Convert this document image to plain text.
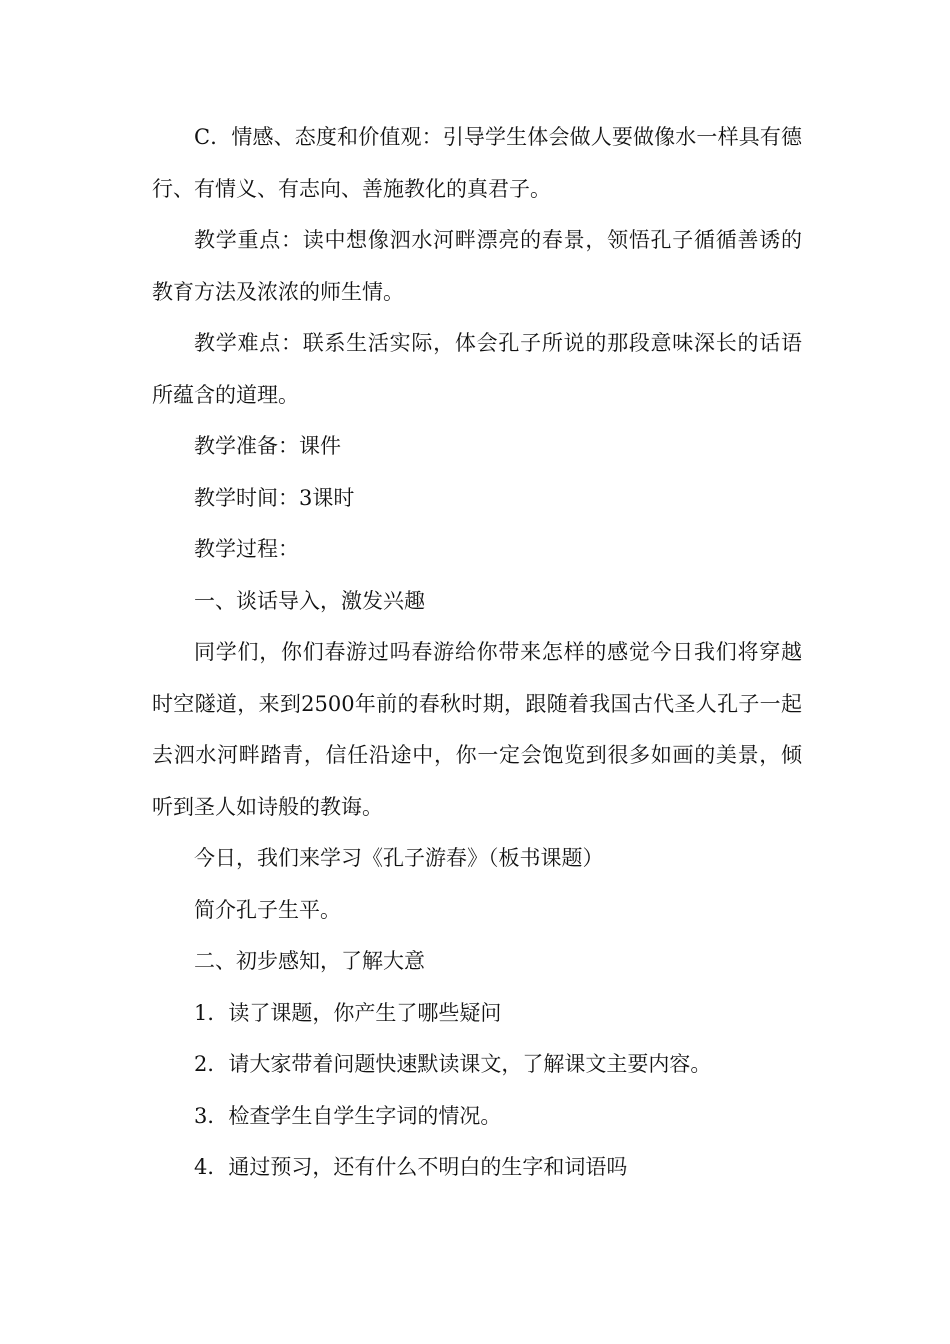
C．情感、态度和价值观：引导学生体会做人要做像水一样具有德行、有情义、有志向、善施教化的真君子。

教学重点：读中想像泗水河畔漂亮的春景，领悟孔子循循善诱的教育方法及浓浓的师生情。

教学难点：联系生活实际，体会孔子所说的那段意味深长的话语所蕴含的道理。

教学准备：课件

教学时间：3课时

教学过程：

一、谈话导入，激发兴趣

同学们，你们春游过吗春游给你带来怎样的感觉今日我们将穿越时空隧道，来到2500年前的春秋时期，跟随着我国古代圣人孔子一起去泗水河畔踏青，信任沿途中，你一定会饱览到很多如画的美景，倾听到圣人如诗般的教诲。

今日，我们来学习《孔子游春》（板书课题）

简介孔子生平。

二、初步感知，了解大意

1．读了课题，你产生了哪些疑问

2．请大家带着问题快速默读课文，了解课文主要内容。

3．检查学生自学生字词的情况。

4．通过预习，还有什么不明白的生字和词语吗
